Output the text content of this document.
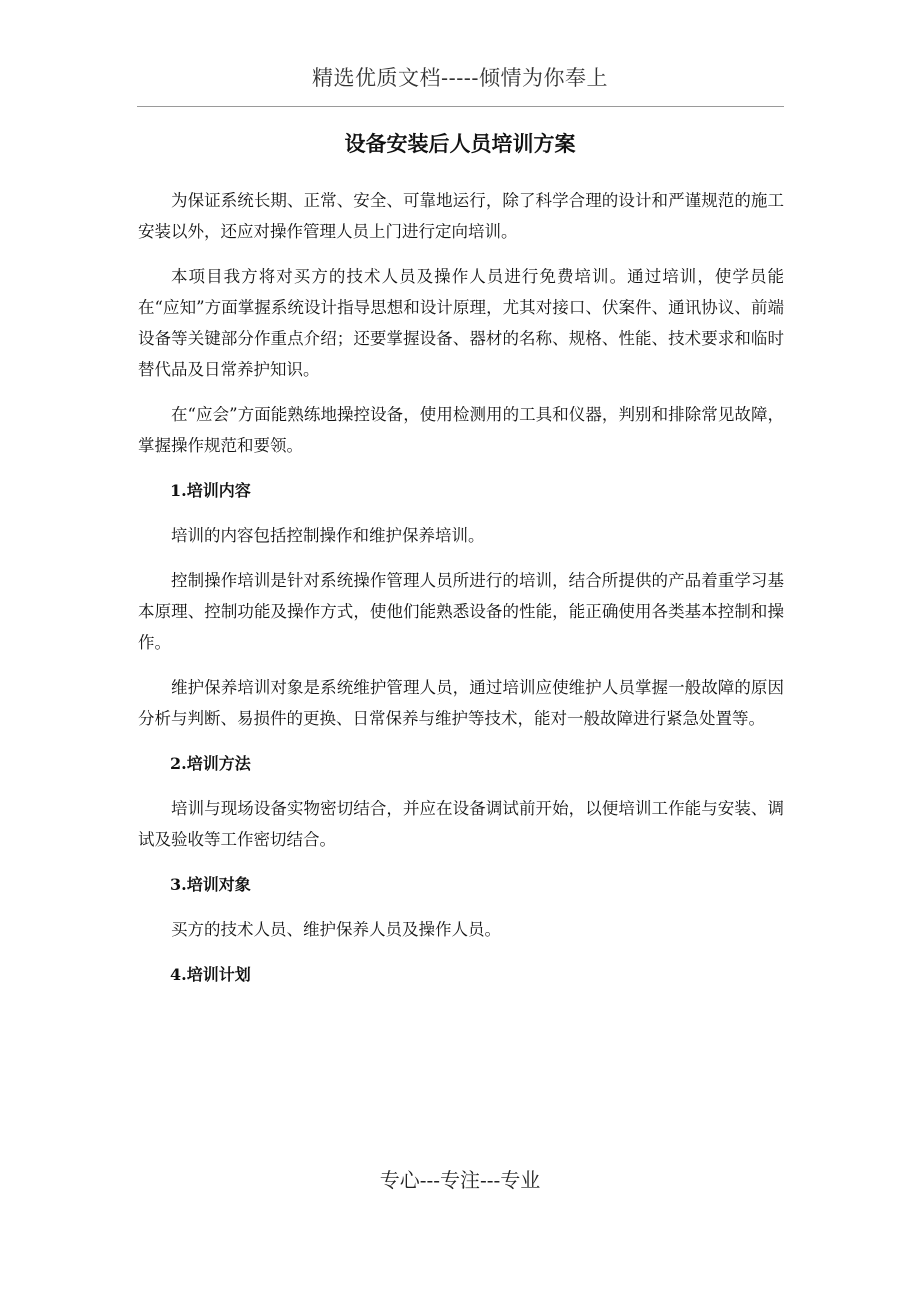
精选优质文档-----倾情为你奉上
设备安装后人员培训方案

为保证系统长期、正常、安全、可靠地运行，除了科学合理的设计和严谨规范的施工安装以外，还应对操作管理人员上门进行定向培训。

本项目我方将对买方的技术人员及操作人员进行免费培训。通过培训，使学员能在“应知”方面掌握系统设计指导思想和设计原理，尤其对接口、伏案件、通讯协议、前端设备等关键部分作重点介绍；还要掌握设备、器材的名称、规格、性能、技术要求和临时替代品及日常养护知识。

在“应会”方面能熟练地操控设备，使用检测用的工具和仪器，判别和排除常见故障，掌握操作规范和要领。

1.培训内容

培训的内容包括控制操作和维护保养培训。

控制操作培训是针对系统操作管理人员所进行的培训，结合所提供的产品着重学习基本原理、控制功能及操作方式，使他们能熟悉设备的性能，能正确使用各类基本控制和操作。

维护保养培训对象是系统维护管理人员，通过培训应使维护人员掌握一般故障的原因分析与判断、易损件的更换、日常保养与维护等技术，能对一般故障进行紧急处置等。

2.培训方法

培训与现场设备实物密切结合，并应在设备调试前开始，以便培训工作能与安装、调试及验收等工作密切结合。

3.培训对象

买方的技术人员、维护保养人员及操作人员。

4.培训计划

专心---专注---专业
